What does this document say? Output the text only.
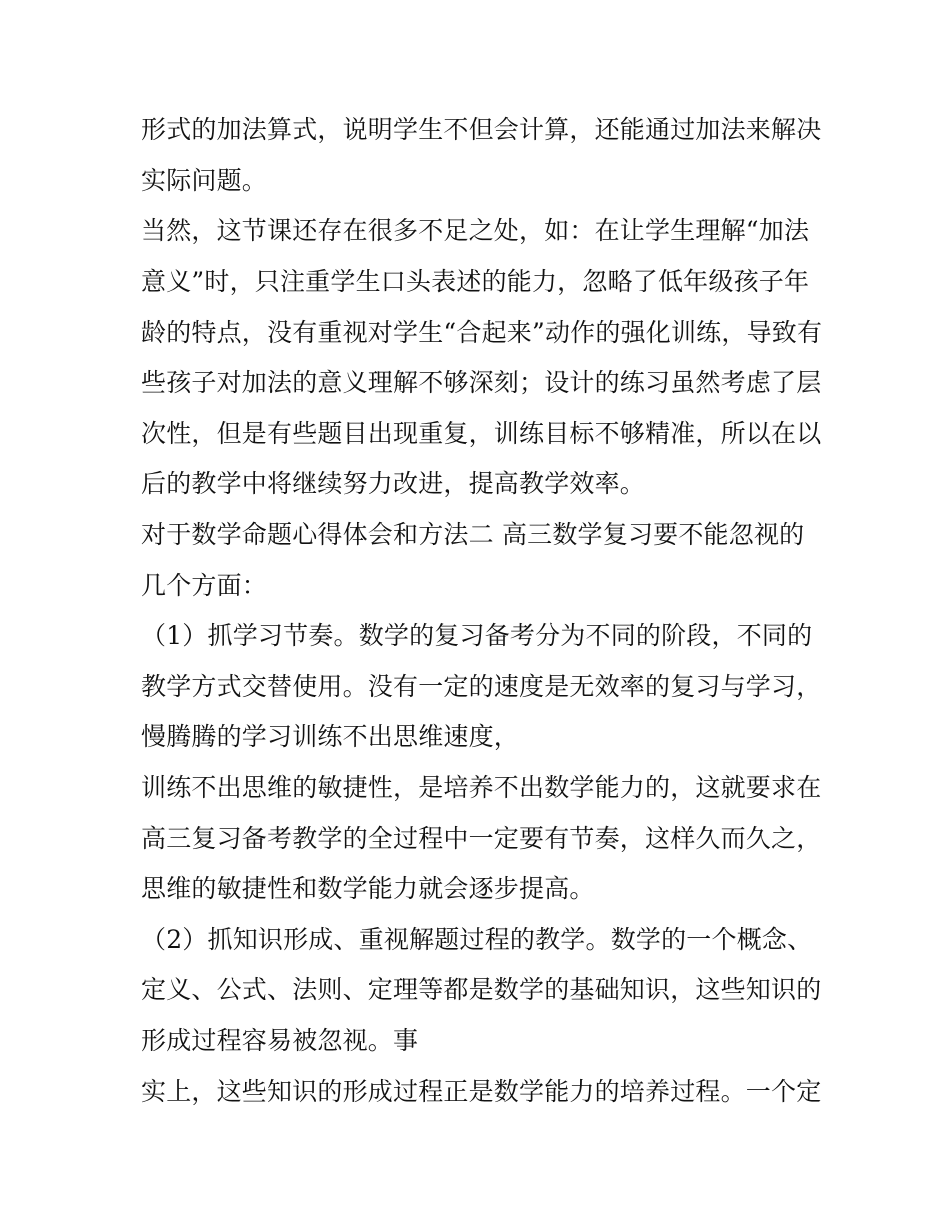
形式的加法算式，说明学生不但会计算，还能通过加法来解决
实际问题。
当然，这节课还存在很多不足之处，如：在让学生理解“加法
意义”时，只注重学生口头表述的能力，忽略了低年级孩子年
龄的特点，没有重视对学生“合起来”动作的强化训练，导致有
些孩子对加法的意义理解不够深刻；设计的练习虽然考虑了层
次性，但是有些题目出现重复，训练目标不够精准，所以在以
后的教学中将继续努力改进，提高教学效率。
对于数学命题心得体会和方法二 高三数学复习要不能忽视的
几个方面：
（1）抓学习节奏。数学的复习备考分为不同的阶段，不同的
教学方式交替使用。没有一定的速度是无效率的复习与学习，
慢腾腾的学习训练不出思维速度，
训练不出思维的敏捷性，是培养不出数学能力的，这就要求在
高三复习备考教学的全过程中一定要有节奏，这样久而久之，
思维的敏捷性和数学能力就会逐步提高。
（2）抓知识形成、重视解题过程的教学。数学的一个概念、
定义、公式、法则、定理等都是数学的基础知识，这些知识的
形成过程容易被忽视。事
实上，这些知识的形成过程正是数学能力的培养过程。一个定
